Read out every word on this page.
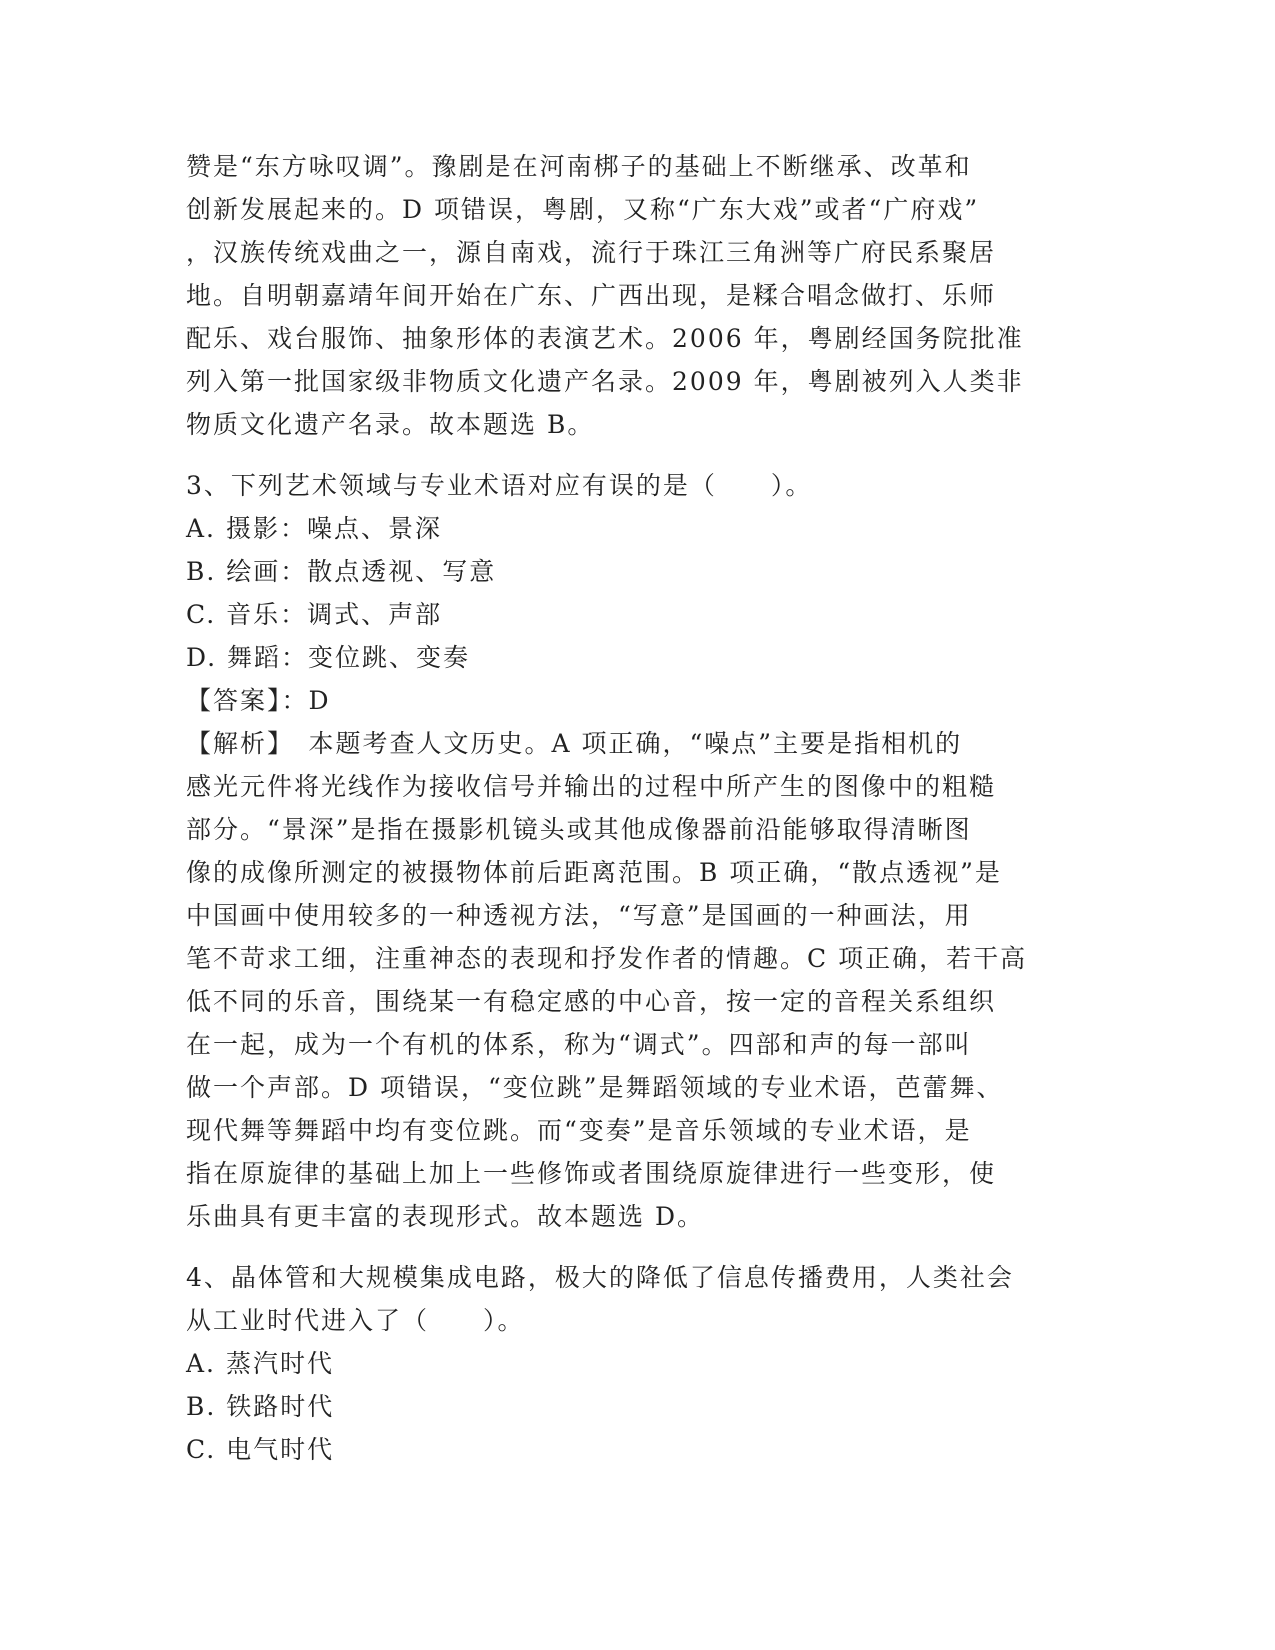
赞是“东方咏叹调”。豫剧是在河南梆子的基础上不断继承、改革和
创新发展起来的。D 项错误，粤剧，又称“广东大戏”或者“广府戏”
，汉族传统戏曲之一，源自南戏，流行于珠江三角洲等广府民系聚居
地。自明朝嘉靖年间开始在广东、广西出现，是糅合唱念做打、乐师
配乐、戏台服饰、抽象形体的表演艺术。2006 年，粤剧经国务院批准
列入第一批国家级非物质文化遗产名录。2009 年，粤剧被列入人类非
物质文化遗产名录。故本题选 B。
3、下列艺术领域与专业术语对应有误的是（　　）。
A. 摄影：噪点、景深
B. 绘画：散点透视、写意
C. 音乐：调式、声部
D. 舞蹈：变位跳、变奏
【答案】：D
【解析】　本题考查人文历史。A 项正确，“噪点”主要是指相机的
感光元件将光线作为接收信号并输出的过程中所产生的图像中的粗糙
部分。“景深”是指在摄影机镜头或其他成像器前沿能够取得清晰图
像的成像所测定的被摄物体前后距离范围。B 项正确，“散点透视”是
中国画中使用较多的一种透视方法，“写意”是国画的一种画法，用
笔不苛求工细，注重神态的表现和抒发作者的情趣。C 项正确，若干高
低不同的乐音，围绕某一有稳定感的中心音，按一定的音程关系组织
在一起，成为一个有机的体系，称为“调式”。四部和声的每一部叫
做一个声部。D 项错误，“变位跳”是舞蹈领域的专业术语，芭蕾舞、
现代舞等舞蹈中均有变位跳。而“变奏”是音乐领域的专业术语，是
指在原旋律的基础上加上一些修饰或者围绕原旋律进行一些变形，使
乐曲具有更丰富的表现形式。故本题选 D。
4、晶体管和大规模集成电路，极大的降低了信息传播费用，人类社会
从工业时代进入了（　　）。
A. 蒸汽时代
B. 铁路时代
C. 电气时代
